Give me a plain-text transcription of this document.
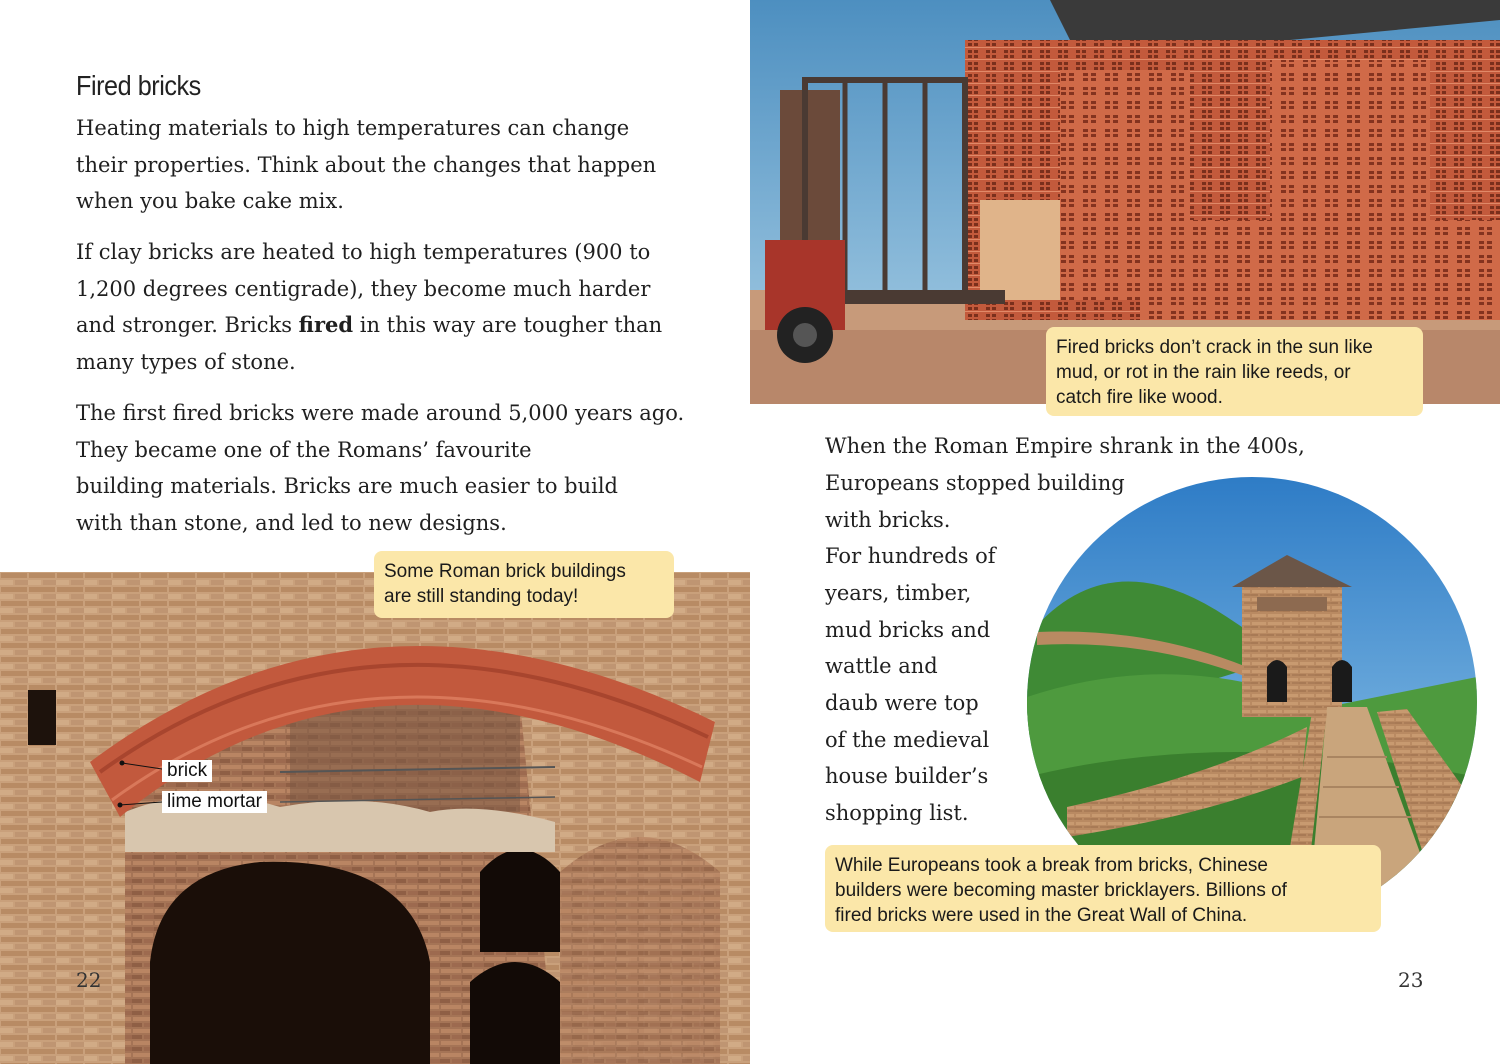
Fired bricks
Heating materials to high temperatures can change
their properties. Think about the changes that happen
when you bake cake mix.
If clay bricks are heated to high temperatures (900 to
1,200 degrees centigrade), they become much harder
and stronger. Bricks fired in this way are tougher than
many types of stone.
The first fired bricks were made around 5,000 years ago.
They became one of the Romans’ favourite
building materials. Bricks are much easier to build
with than stone, and led to new designs.
Some Roman brick buildings
are still standing today!
brick
lime mortar
22
Fired bricks don’t crack in the sun like
mud, or rot in the rain like reeds, or
catch fire like wood.
When the Roman Empire shrank in the 400s,
Europeans stopped building
with bricks.
For hundreds of
years, timber,
mud bricks and
wattle and
daub were top
of the medieval
house builder’s
shopping list.
While Europeans took a break from bricks, Chinese
builders were becoming master bricklayers. Billions of
fired bricks were used in the Great Wall of China.
23
